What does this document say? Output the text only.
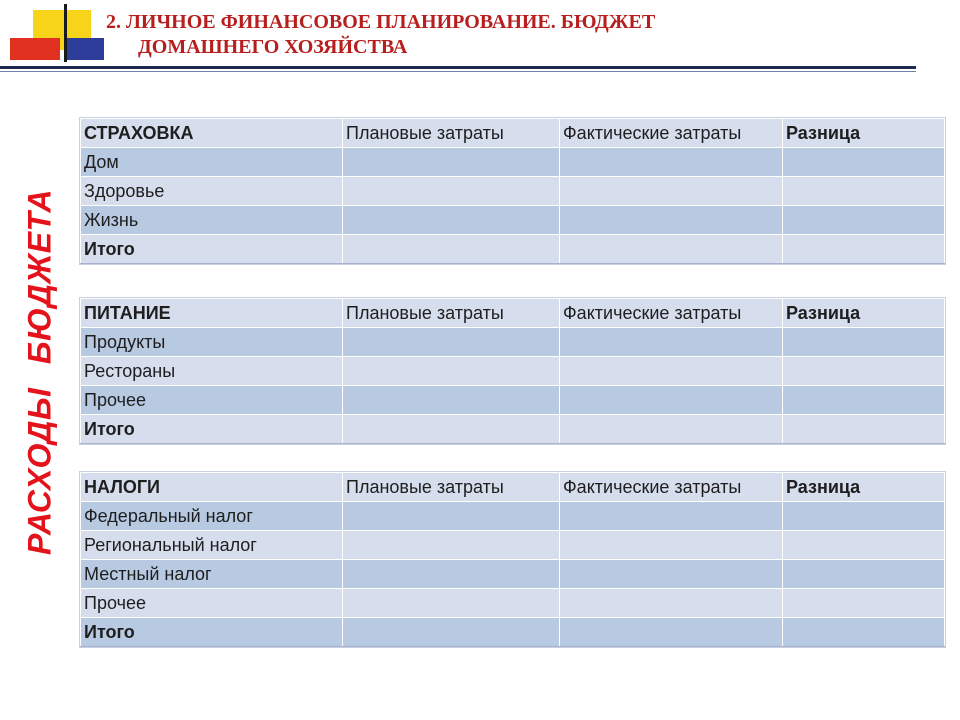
2. ЛИЧНОЕ ФИНАНСОВОЕ ПЛАНИРОВАНИЕ. БЮДЖЕТ
ДОМАШНЕГО ХОЗЯЙСТВА
РАСХОДЫ БЮДЖЕТА
СТРАХОВКА	Плановые затраты	Фактические затраты	Разница
Дом			
Здоровье			
Жизнь			
Итого			
ПИТАНИЕ	Плановые затраты	Фактические затраты	Разница
Продукты			
Рестораны			
Прочее			
Итого			
НАЛОГИ	Плановые затраты	Фактические затраты	Разница
Федеральный налог			
Региональный налог			
Местный налог			
Прочее			
Итого			
